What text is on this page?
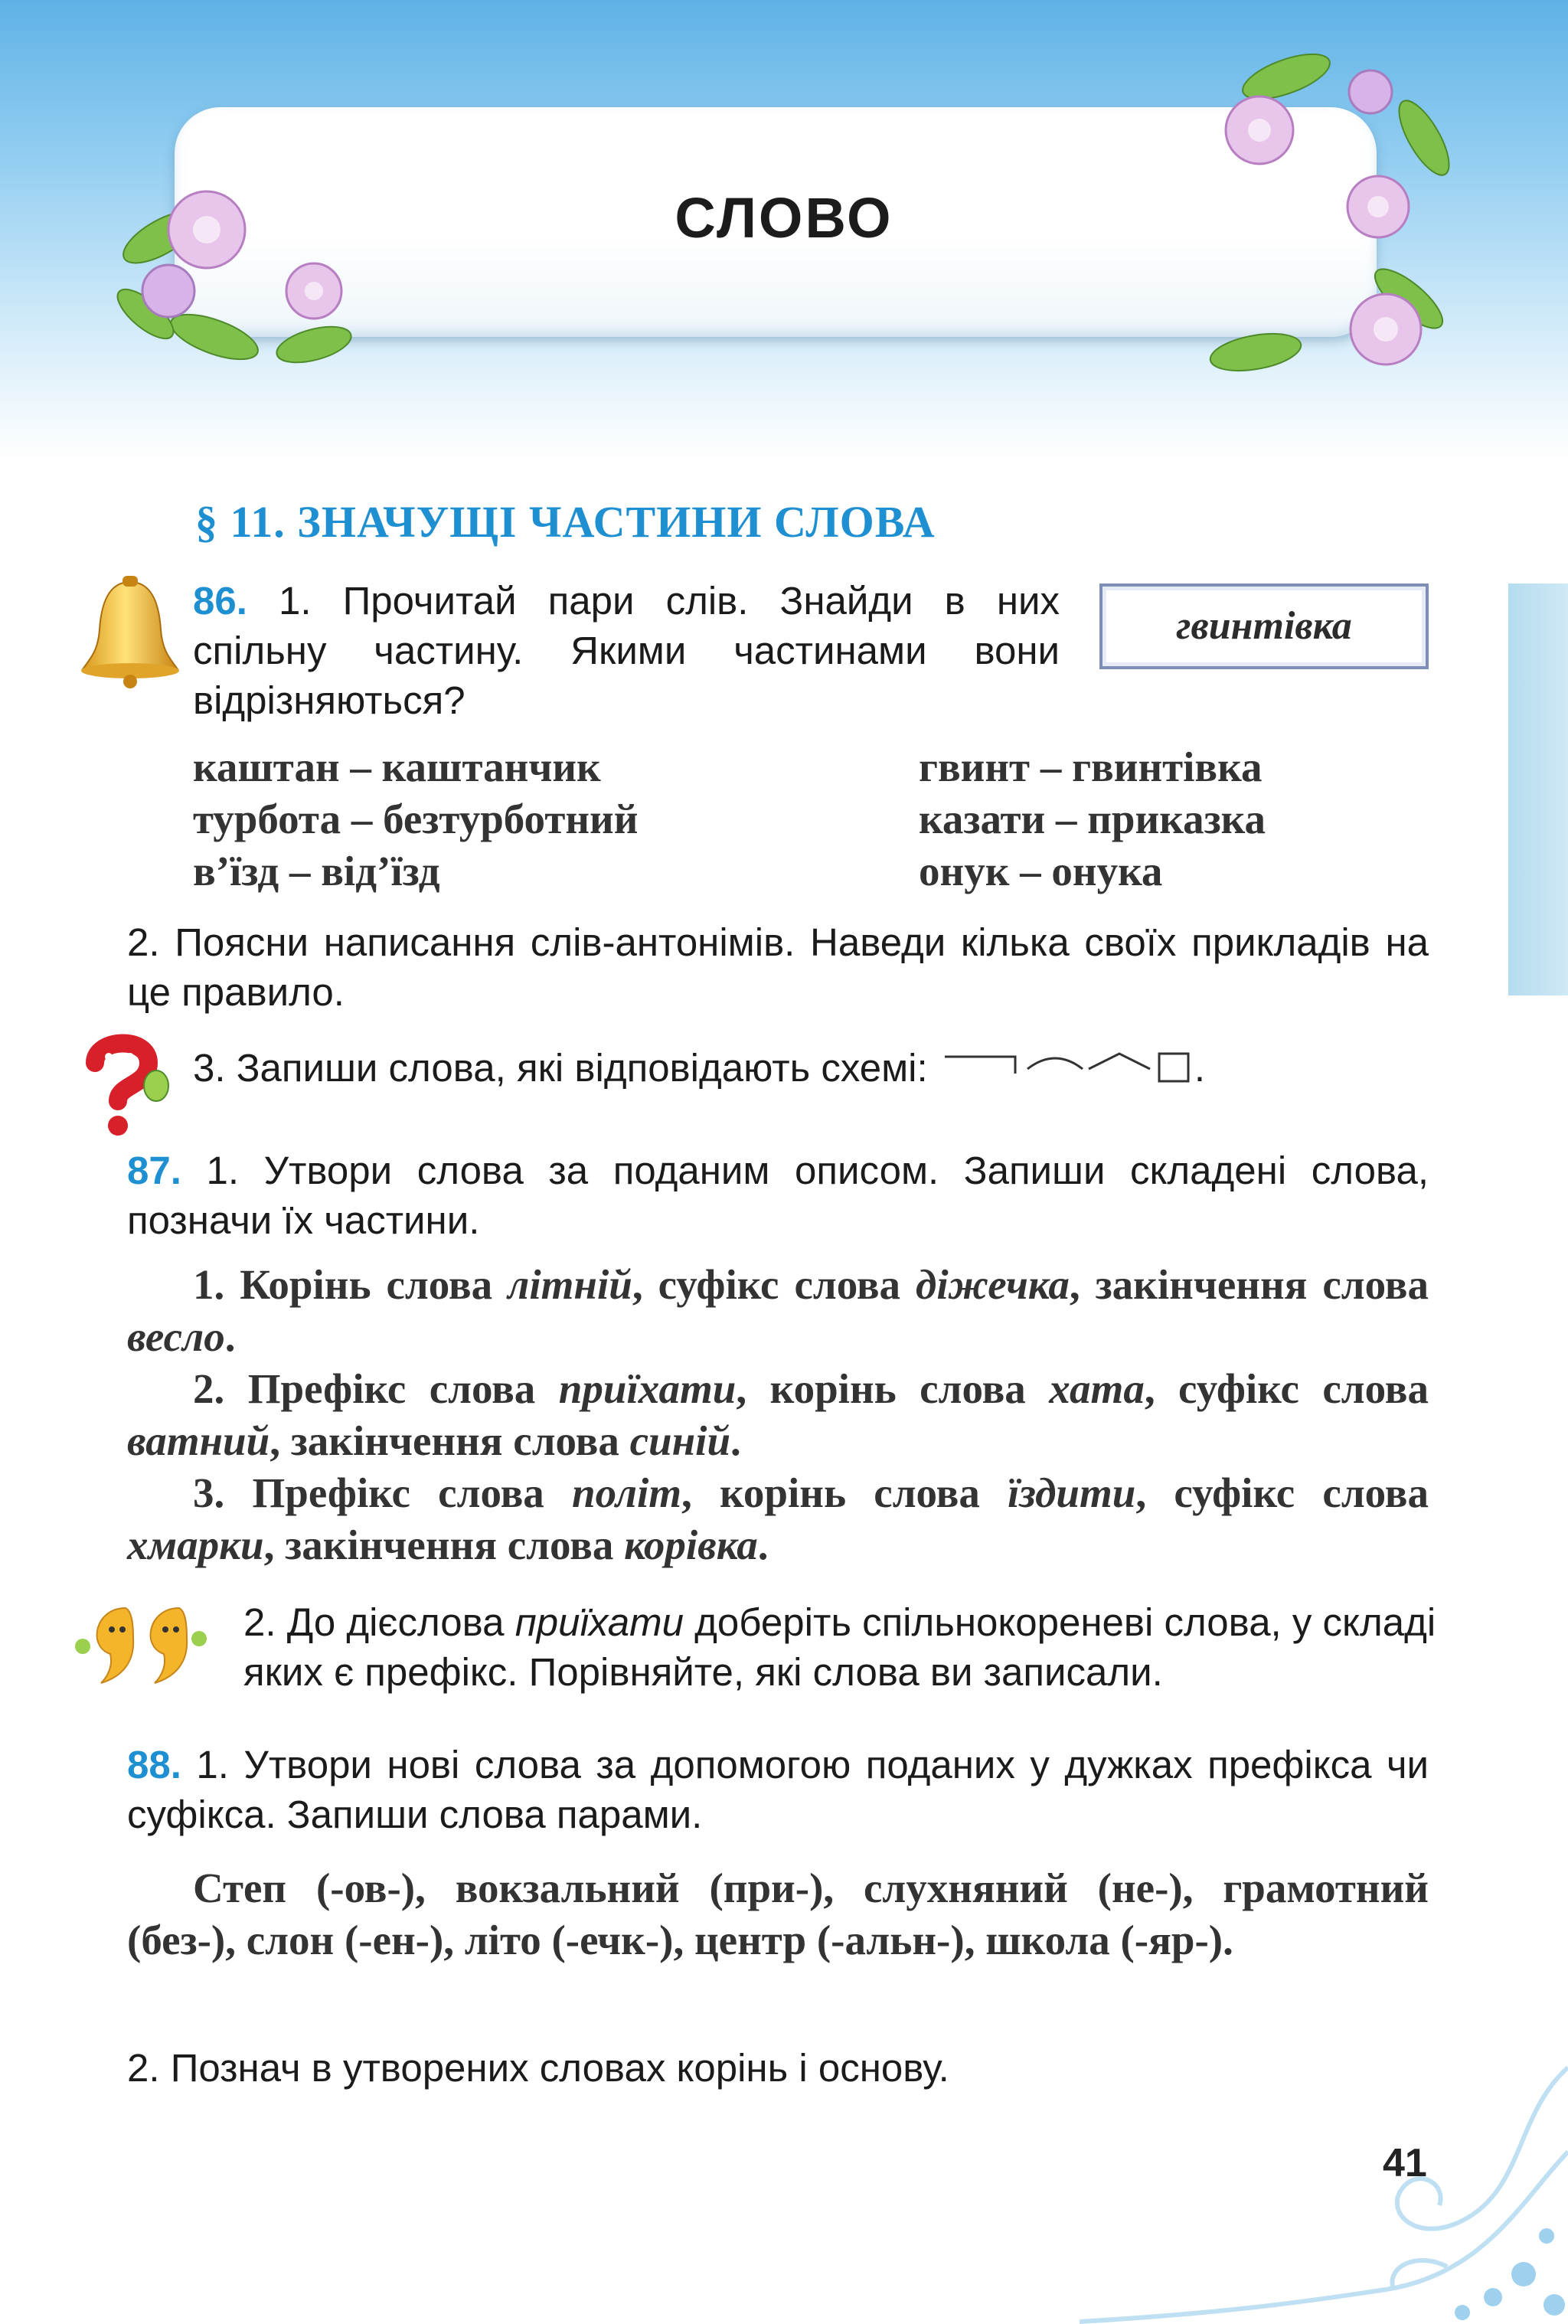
СЛОВО
§ 11. ЗНАЧУЩІ ЧАСТИНИ СЛОВА
86. 1. Прочитай пари слів. Знайди в них спільну частину. Якими частинами вони відрізняються?
гвинтівка
каштан – каштанчик
турбота – безтурботний
в’їзд – від’їзд
гвинт – гвинтівка
казати – приказка
онук – онука
2. Поясни написання слів-антонімів. Наведи кілька своїх прикладів на це правило.
3. Запиши слова, які відповідають схемі:	.
87. 1. Утвори слова за поданим описом. Запиши складені слова, позначи їх частини.
1. Корінь слова літній, суфікс слова діжечка, закінчення слова весло.
2. Префікс слова приїхати, корінь слова хата, суфікс слова ватний, закінчення слова синій.
3. Префікс слова політ, корінь слова їздити, суфікс слова хмарки, закінчення слова корівка.
2. До дієслова приїхати доберіть спільнокореневі слова, у складі яких є префікс. Порівняйте, які слова ви записали.
88. 1. Утвори нові слова за допомогою поданих у дужках префікса чи суфікса. Запиши слова парами.
Степ (-ов-), вокзальний (при-), слухняний (не-), грамотний (без-), слон (-ен-), літо (-ечк-), центр (-альн-), школа (-яр-).
2. Познач в утворених словах корінь і основу.
41
